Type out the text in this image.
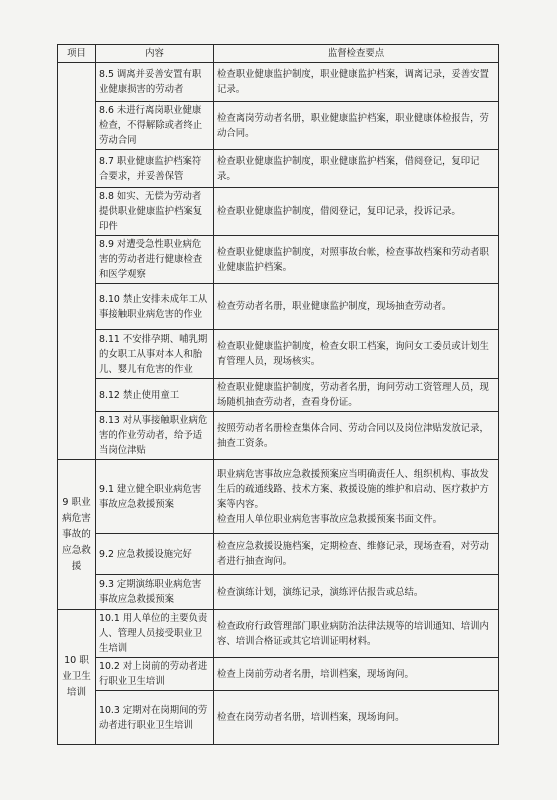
项目	内容	监督检查要点
	8.5 调离并妥善安置有职业健康损害的劳动者	检查职业健康监护制度，职业健康监护档案，调离记录，妥善安置记录。

	8.6 未进行离岗职业健康检查，不得解除或者终止劳动合同	检查离岗劳动者名册，职业健康监护档案，职业健康体检报告，劳动合同。

	8.7 职业健康监护档案符合要求，并妥善保管	检查职业健康监护制度，职业健康监护档案，借阅登记，复印记录。

	8.8 如实、无偿为劳动者提供职业健康监护档案复印件	检查职业健康监护制度，借阅登记，复印记录，投诉记录。

	8.9 对遭受急性职业病危害的劳动者进行健康检查和医学观察	检查职业健康监护制度，对照事故台帐，检查事故档案和劳动者职业健康监护档案。

	8.10 禁止安排未成年工从事接触职业病危害的作业	检查劳动者名册，职业健康监护制度，现场抽查劳动者。

	8.11 不安排孕期、哺乳期的女职工从事对本人和胎儿、婴儿有危害的作业	检查职业健康监护制度，检查女职工档案，询问女工委员或计划生育管理人员，现场核实。

	8.12 禁止使用童工	检查职业健康监护制度，劳动者名册，询问劳动工资管理人员，现场随机抽查劳动者，查看身份证。

	8.13 对从事接触职业病危害的作业劳动者，给予适当岗位津贴	按照劳动者名册检查集体合同、劳动合同以及岗位津贴发放记录，抽查工资条。

9 职业病危害事故的应急救援	9.1 建立健全职业病危害事故应急救援预案	职业病危害事故应急救援预案应当明确责任人、组织机构、事故发生后的疏通线路、技术方案、救援设施的维护和启动、医疗救护方案等内容。
检查用人单位职业病危害事故应急救援预案书面文件。

	9.2 应急救援设施完好	检查应急救援设施档案，定期检查、维修记录，现场查看，对劳动者进行抽查询问。

	9.3 定期演练职业病危害事故应急救援预案	检查演练计划，演练记录，演练评估报告或总结。

10 职业卫生培训	10.1 用人单位的主要负责人、管理人员接受职业卫生培训	检查政府行政管理部门职业病防治法律法规等的培训通知、培训内容、培训合格证或其它培训证明材料。

	10.2 对上岗前的劳动者进行职业卫生培训	检查上岗前劳动者名册，培训档案，现场询问。

	10.3 定期对在岗期间的劳动者进行职业卫生培训	检查在岗劳动者名册，培训档案，现场询问。
